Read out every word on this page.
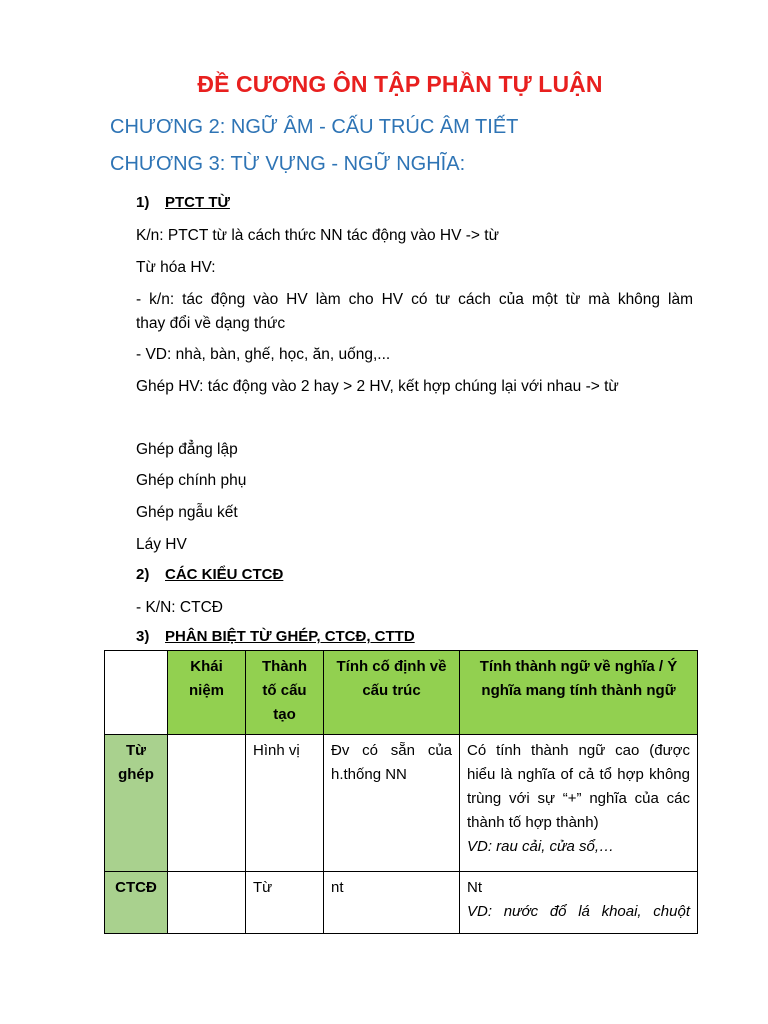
ĐỀ CƯƠNG ÔN TẬP PHẦN TỰ LUẬN
CHƯƠNG 2: NGỮ ÂM - CẤU TRÚC ÂM TIẾT
CHƯƠNG 3: TỪ VỰNG - NGỮ NGHĨA:
1) PTCT TỪ
K/n: PTCT từ là cách thức NN tác động vào HV -> từ
Từ hóa HV:
- k/n: tác động vào HV làm cho HV có tư cách của một từ mà không làm
thay đổi về dạng thức
- VD: nhà, bàn, ghế, học, ăn, uống,...
Ghép HV: tác động vào 2 hay > 2 HV, kết hợp chúng lại với nhau -> từ
Ghép đẳng lập
Ghép chính phụ
Ghép ngẫu kết
Láy HV
2) CÁC KIỂU CTCĐ
- K/N: CTCĐ
3) PHÂN BIỆT TỪ GHÉP, CTCĐ, CTTD
	Khái niệm	Thành tố cấu tạo	Tính cố định về cấu trúc	Tính thành ngữ về nghĩa / Ý nghĩa mang tính thành ngữ
Từ ghép		Hình vị	Đv có sẵn của h.thống NN	Có tính thành ngữ cao (được hiểu là nghĩa of cả tổ hợp không trùng với sự “+” nghĩa của các thành tố hợp thành)
VD: rau cải, cửa sổ,…

CTCĐ		Từ	nt	Nt
VD: nước đổ lá khoai, chuột
